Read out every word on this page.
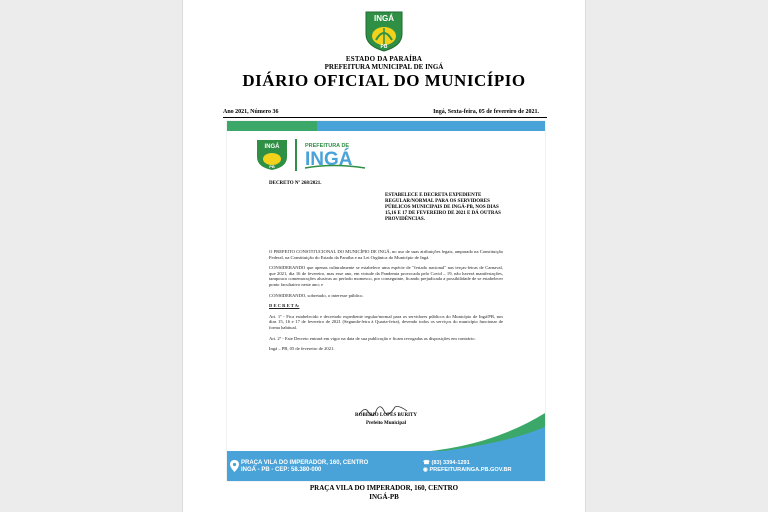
INGÁ
PB
ESTADO DA PARAÍBA
PREFEITURA MUNICIPAL DE INGÁ
DIÁRIO OFICIAL DO MUNICÍPIO
Ano 2021, Número 36	Ingá, Sexta-feira, 05 de fevereiro de 2021.
INGÁ
PB
PREFEITURA DE
INGÁ
DECRETO Nº 268/2021.
ESTABELECE E DECRETA EXPEDIENTE REGULAR/NORMAL PARA OS SERVIDORES PÚBLICOS MUNICIPAIS DE INGÁ-PB, NOS DIAS 15,16 E 17 DE FEVEREIRO DE 2021 E DÁ OUTRAS PROVIDÊNCIAS.

O PREFEITO CONSTITUCIONAL DO MUNICÍPIO DE INGÁ, no uso de suas atribuições legais, amparado na Constituição Federal, na Constituição do Estado da Paraíba e na Lei Orgânica do Município de Ingá.

CONSIDERANDO que apenas culturalmente se estabelece uma espécie de "feriado nacional" nas terças-feiras de Carnaval, que 2021, dia 16 de fevereiro, mas esse ano, em virtude da Pandemia provocada pelo Covid – 19, não haverá manifestações, tampouco comemorações alusivas ao período momesco, por conseguinte, ficando prejudicada a possibilidade de se estabelecer ponto facultativo neste ano; e

CONSIDERANDO, sobretudo, o interesse público.

D E C R E T A:

Art. 1º - Fica estabelecido e decretado expediente regular/normal para os servidores públicos do Município de Ingá/PB, nos dias 15, 16 e 17 de fevereiro de 2021 (Segunda-feira à Quarta-feira), devendo todos os serviços do município funcionar de forma habitual.

Art. 2º - Este Decreto entrará em vigor na data de sua publicação e ficam revogadas as disposições em contrário.

Ingá – PB, 05 de fevereiro de 2021.

ROBÉRIO LOPES BURITY
Prefeito Municipal
PRAÇA VILA DO IMPERADOR, 160, CENTRO
INGÁ - PB - CEP: 58.380-000
☎ (83) 3394-1291
◉ PREFEITURAINGA.PB.GOV.BR
PRAÇA VILA DO IMPERADOR, 160, CENTRO
INGÁ-PB
